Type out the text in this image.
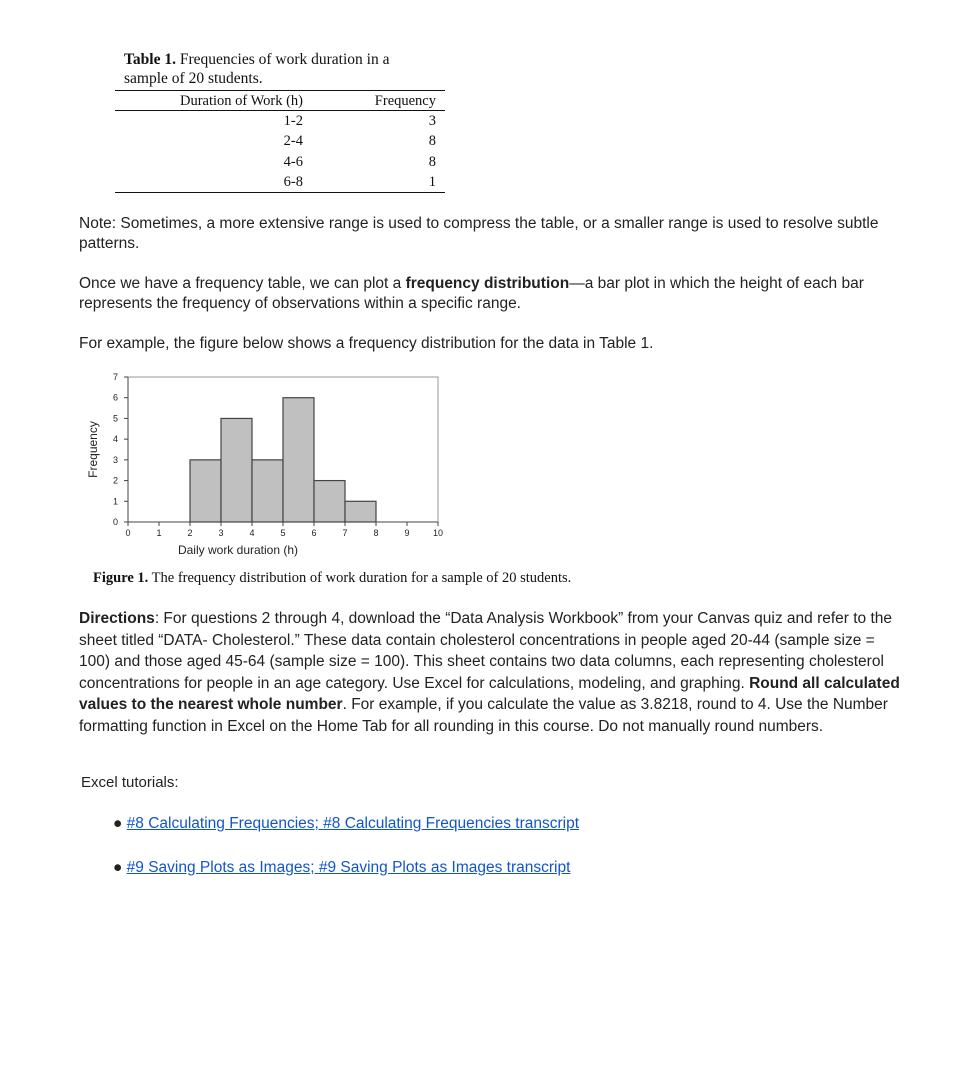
Table 1. Frequencies of work duration in a sample of 20 students.
Duration of Work (h)	Frequency
1-2	3
2-4	8
4-6	8
6-8	1
Note: Sometimes, a more extensive range is used to compress the table, or a smaller range is used to resolve subtle patterns.
Once we have a frequency table, we can plot a frequency distribution—a bar plot in which the height of each bar represents the frequency of observations within a specific range.
For example, the figure below shows a frequency distribution for the data in Table 1.
0	1	2	3	4	5	6	7	8	9	10
0
1
2
3
4
5
6
7
Daily work duration (h)
Frequency
Figure 1. The frequency distribution of work duration for a sample of 20 students.
Directions: For questions 2 through 4, download the “Data Analysis Workbook” from your Canvas quiz and refer to the sheet titled “DATA- Cholesterol.” These data contain cholesterol concentrations in people aged 20-44 (sample size = 100) and those aged 45-64 (sample size = 100). This sheet contains two data columns, each representing cholesterol concentrations for people in an age category. Use Excel for calculations, modeling, and graphing. Round all calculated values to the nearest whole number. For example, if you calculate the value as 3.8218, round to 4. Use the Number formatting function in Excel on the Home Tab for all rounding in this course. Do not manually round numbers.
Excel tutorials:
● #8 Calculating Frequencies; #8 Calculating Frequencies transcript
● #9 Saving Plots as Images; #9 Saving Plots as Images transcript
